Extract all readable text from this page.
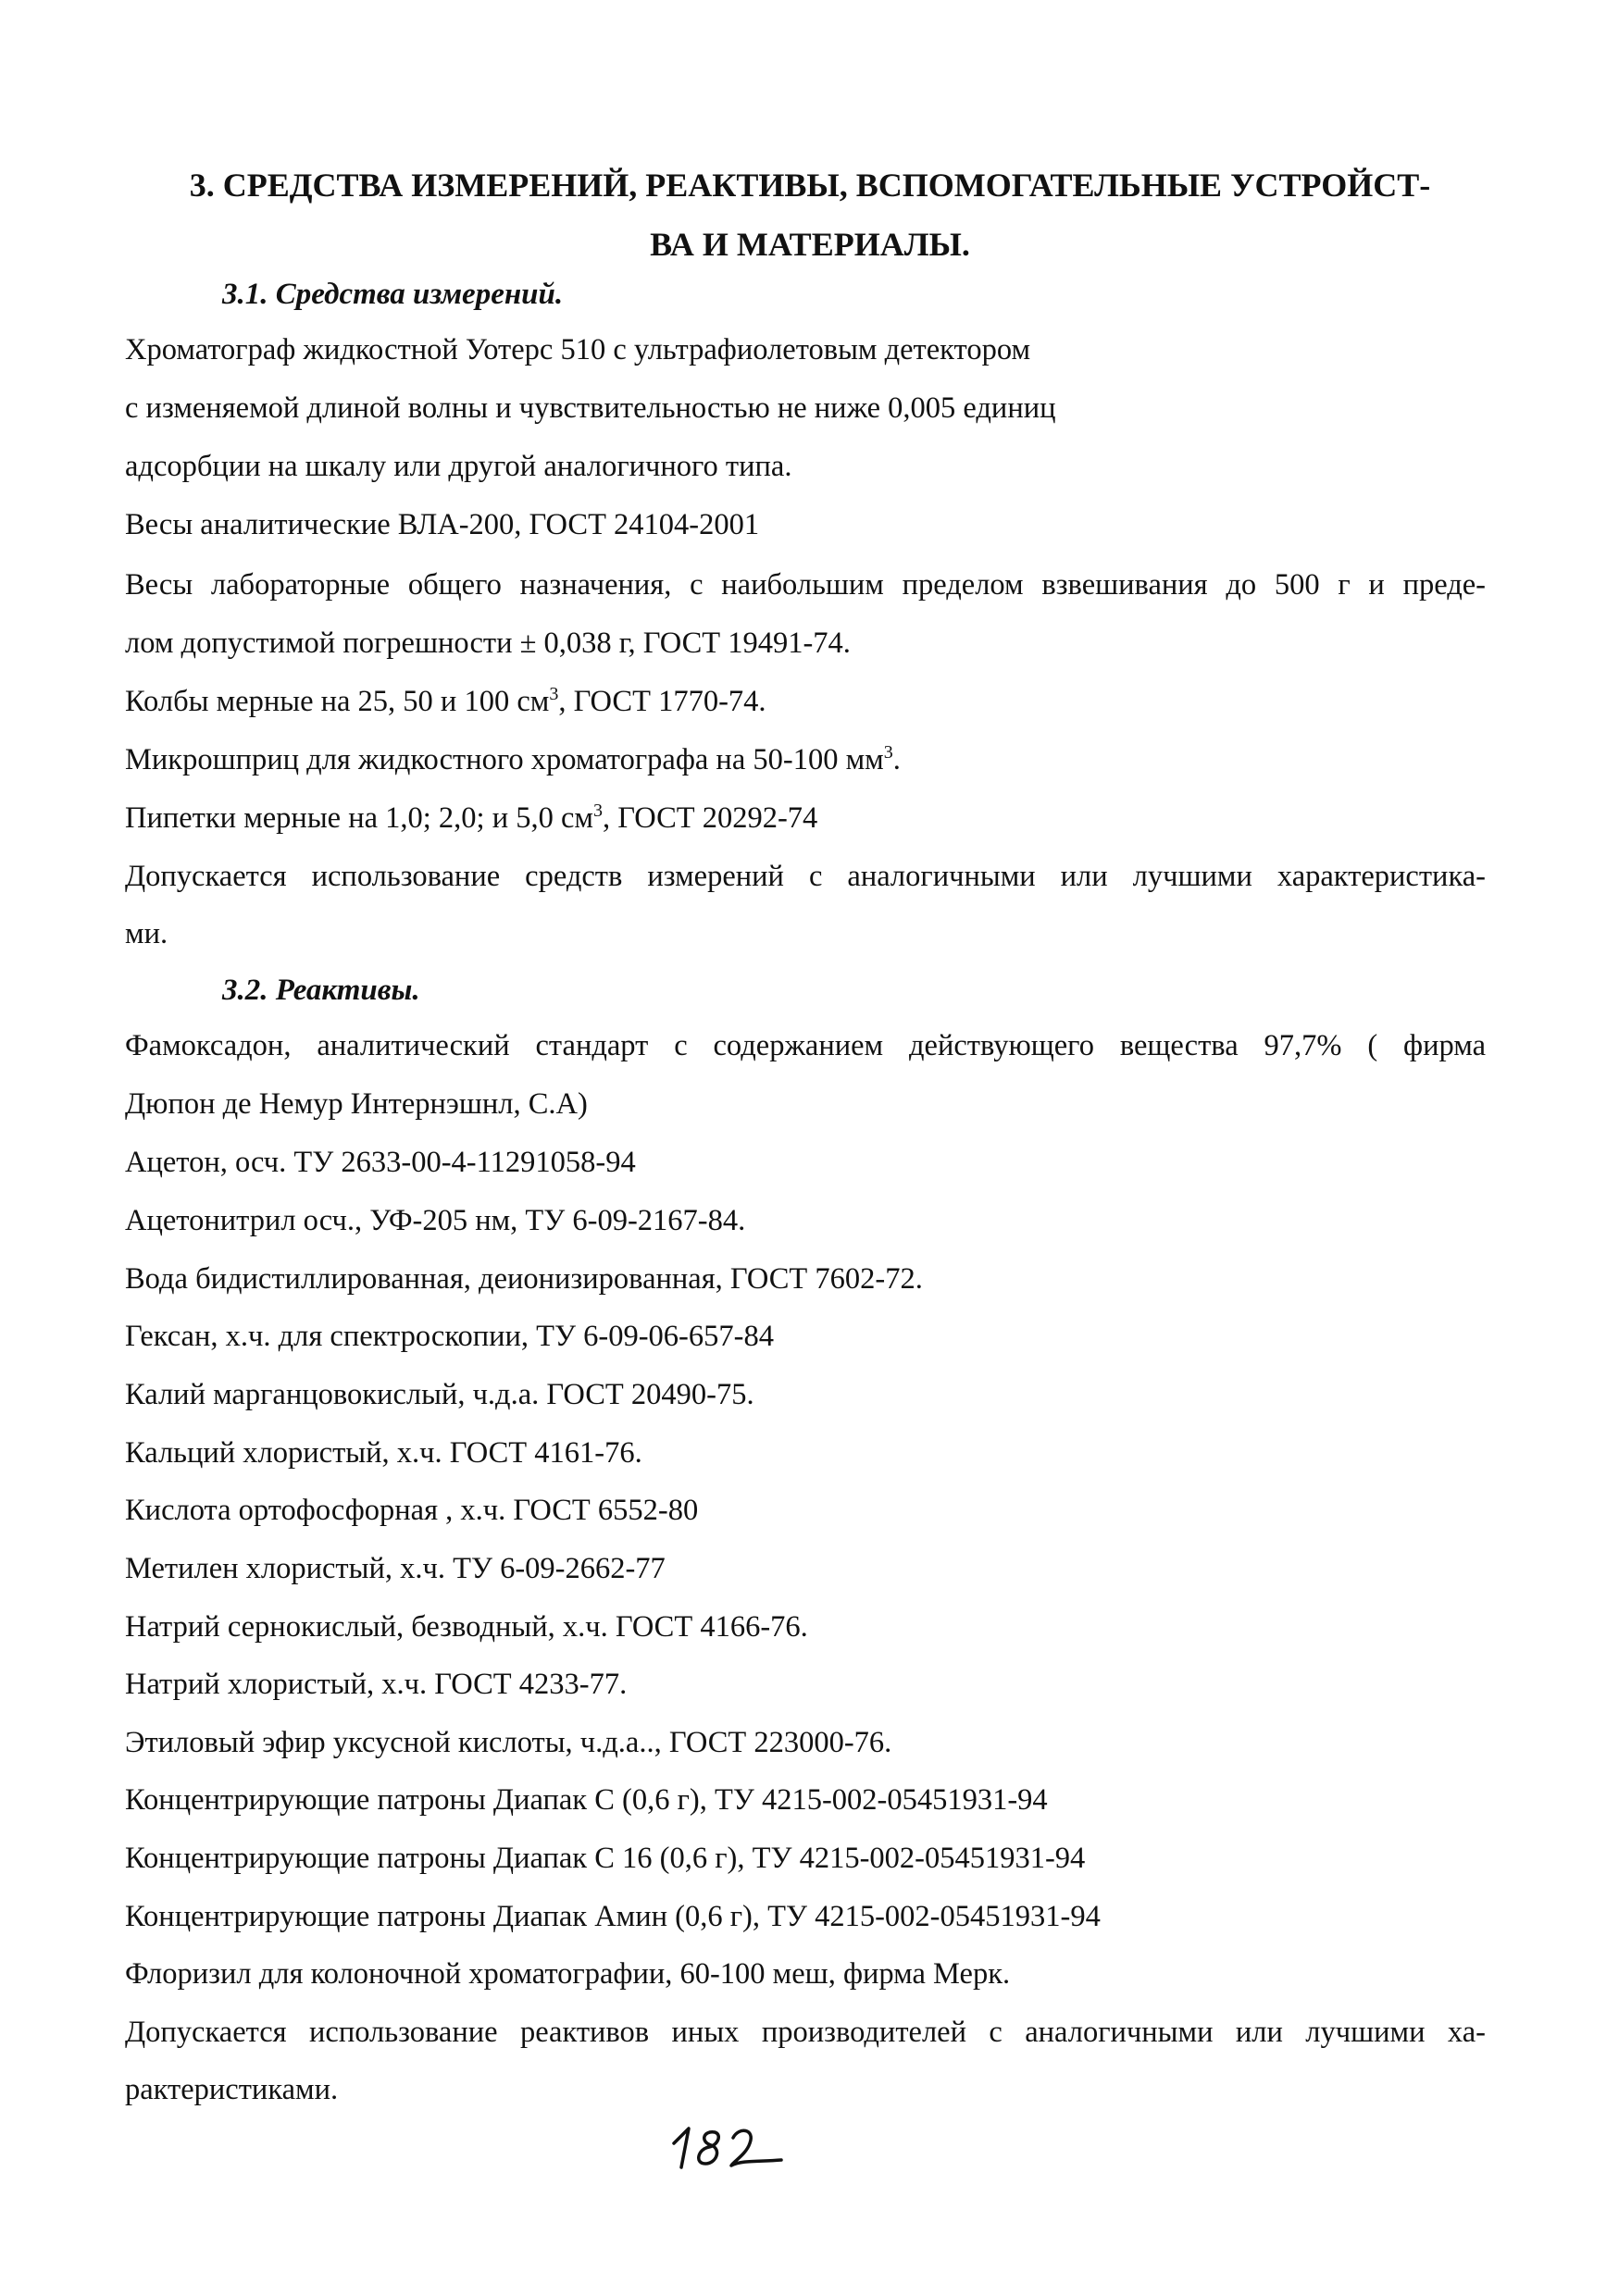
3. СРЕДСТВА ИЗМЕРЕНИЙ, РЕАКТИВЫ, ВСПОМОГАТЕЛЬНЫЕ УСТРОЙСТ-
ВА И МАТЕРИАЛЫ.
3.1. Средства измерений.
Хроматограф жидкостной Уотерс 510 с ультрафиолетовым детектором
с изменяемой длиной волны и чувствительностью не ниже 0,005 единиц
адсорбции на шкалу или другой аналогичного типа.
Весы аналитические ВЛА-200, ГОСТ 24104-2001
Весы лабораторные общего назначения, с наибольшим пределом взвешивания до 500 г и преде-
лом допустимой погрешности ± 0,038 г, ГОСТ 19491-74.
Колбы мерные на 25, 50 и 100 $см^3$, ГОСТ 1770-74.
Микрошприц для жидкостного хроматографа на 50-100 $мм^3$.
Пипетки мерные на 1,0; 2,0; и 5,0 $см^3$, ГОСТ 20292-74
Допускается использование средств измерений с аналогичными или лучшими характеристика-
ми.
3.2. Реактивы.
Фамоксадон, аналитический стандарт с содержанием действующего вещества 97,7% ( фирма
Дюпон де Немур Интернэшнл, С.А)
Ацетон, осч. ТУ 2633-00-4-11291058-94
Ацетонитрил осч., УФ-205 нм, ТУ 6-09-2167-84.
Вода бидистиллированная, деионизированная, ГОСТ 7602-72.
Гексан, х.ч. для спектроскопии, ТУ 6-09-06-657-84
Калий марганцовокислый, ч.д.а. ГОСТ 20490-75.
Кальций хлористый, х.ч. ГОСТ 4161-76.
Кислота ортофосфорная , х.ч. ГОСТ 6552-80
Метилен хлористый, х.ч. ТУ 6-09-2662-77
Натрий сернокислый, безводный, х.ч. ГОСТ 4166-76.
Натрий хлористый, х.ч. ГОСТ 4233-77.
Этиловый эфир уксусной кислоты, ч.д.а.., ГОСТ 223000-76.
Концентрирующие патроны Диапак С (0,6 г), ТУ 4215-002-05451931-94
Концентрирующие патроны Диапак С 16 (0,6 г), ТУ 4215-002-05451931-94
Концентрирующие патроны Диапак Амин (0,6 г), ТУ 4215-002-05451931-94
Флоризил для колоночной хроматографии, 60-100 меш, фирма Мерк.
Допускается использование реактивов иных производителей с аналогичными или лучшими ха-
рактеристиками.
